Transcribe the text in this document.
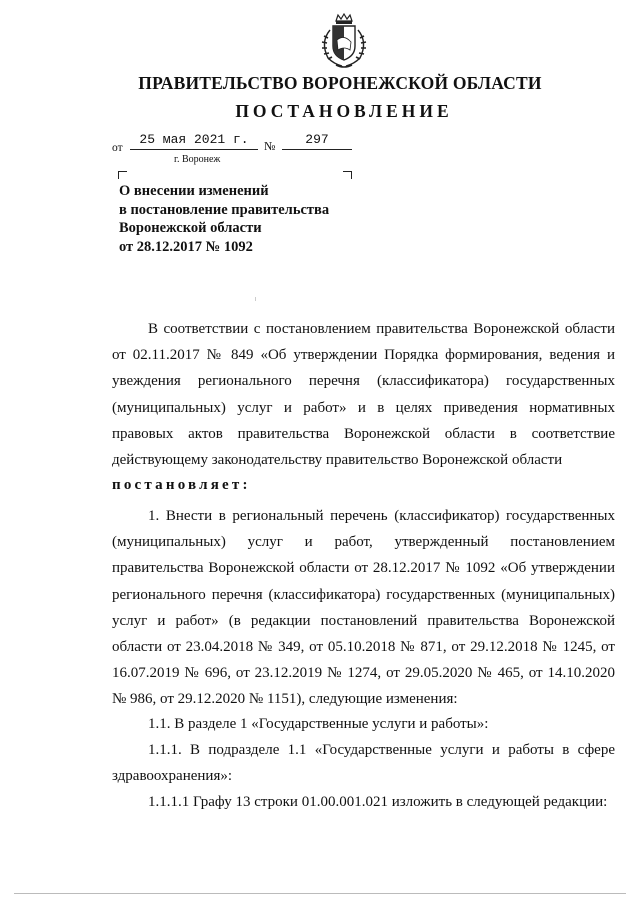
ПРАВИТЕЛЬСТВО ВОРОНЕЖСКОЙ ОБЛАСТИ
ПОСТАНОВЛЕНИЕ
от
25 мая 2021 г.	№	297
г. Воронеж
О внесении изменений
в постановление правительства
Воронежской области
от 28.12.2017 № 1092
В соответствии с постановлением правительства Воронежской области от 02.11.2017 № 849 «Об утверждении Порядка формирования, ведения и увеждения регионального перечня (классификатора) государственных (муниципальных) услуг и работ» и в целях приведения нормативных правовых актов правительства Воронежской области в соответствие действующему законодательству правительство Воронежской области
постановляет:
1. Внести в региональный перечень (классификатор) государственных (муниципальных) услуг и работ, утвержденный постановлением правительства Воронежской области от 28.12.2017 № 1092 «Об утверждении регионального перечня (классификатора) государственных (муниципальных) услуг и работ» (в редакции постановлений правительства Воронежской области от 23.04.2018 № 349, от 05.10.2018 № 871, от 29.12.2018 № 1245, от 16.07.2019 № 696, от 23.12.2019 № 1274, от 29.05.2020 № 465, от 14.10.2020 № 986, от 29.12.2020 № 1151), следующие изменения:
1.1. В разделе 1 «Государственные услуги и работы»:
1.1.1. В подразделе 1.1 «Государственные услуги и работы в сфере здравоохранения»:
1.1.1.1 Графу 13 строки 01.00.001.021 изложить в следующей редакции:
